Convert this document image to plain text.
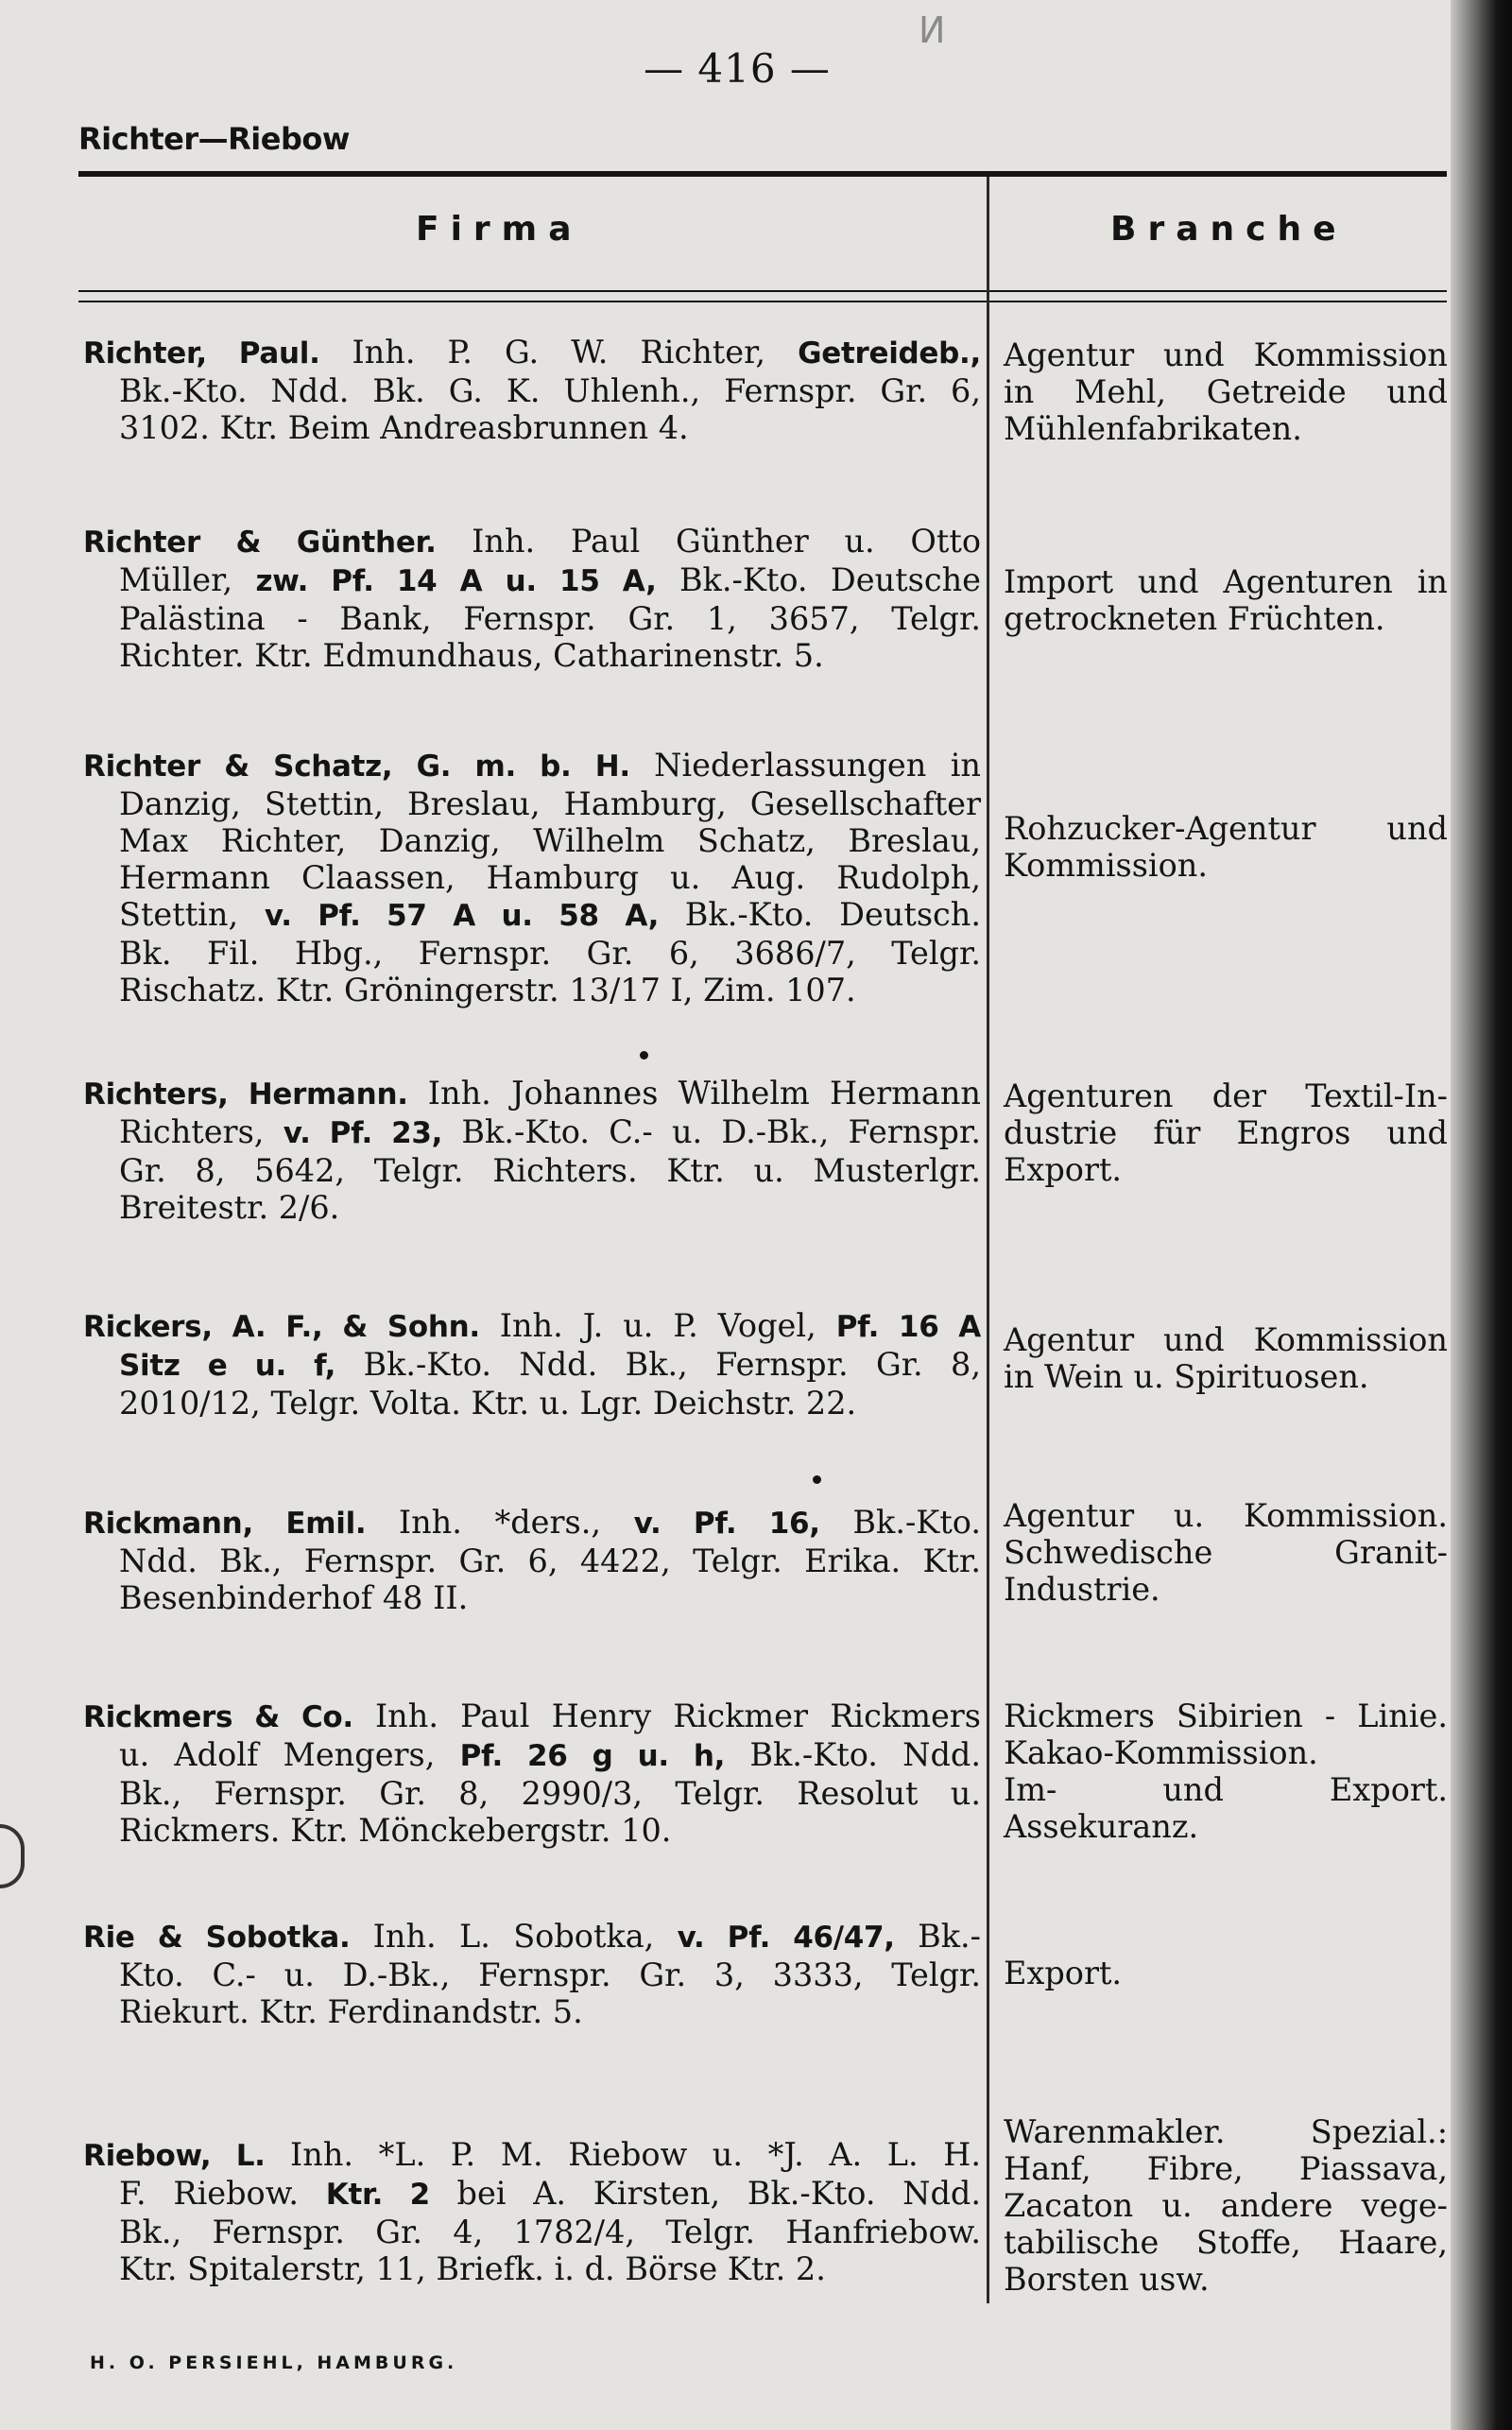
И
— 416 —
Richter—Riebow
Firma	Branche
Richter, Paul. Inh. P. G. W. Richter, Getreideb.,
Bk.-Kto. Ndd. Bk. G. K. Uhlenh., Fernspr. Gr. 6,
3102. Ktr. Beim Andreasbrunnen 4.
Agentur und Kommission
in Mehl, Getreide und
Mühlenfabrikaten.
Richter & Günther. Inh. Paul Günther u. Otto
Müller, zw. Pf. 14 A u. 15 A, Bk.-Kto. Deutsche
Palästina - Bank, Fernspr. Gr. 1, 3657, Telgr.
Richter. Ktr. Edmundhaus, Catharinenstr. 5.
Import und Agenturen in
getrockneten Früchten.
Richter & Schatz, G. m. b. H. Niederlassungen in
Danzig, Stettin, Breslau, Hamburg, Gesellschafter
Max Richter, Danzig, Wilhelm Schatz, Breslau,
Hermann Claassen, Hamburg u. Aug. Rudolph,
Stettin, v. Pf. 57 A u. 58 A, Bk.-Kto. Deutsch.
Bk. Fil. Hbg., Fernspr. Gr. 6, 3686/7, Telgr.
Rischatz. Ktr. Gröningerstr. 13/17 I, Zim. 107.
Rohzucker-Agentur und
Kommission.
Richters, Hermann. Inh. Johannes Wilhelm Hermann
Richters, v. Pf. 23, Bk.-Kto. C.- u. D.-Bk., Fernspr.
Gr. 8, 5642, Telgr. Richters. Ktr. u. Musterlgr.
Breitestr. 2/6.
Agenturen der Textil-In-
dustrie für Engros und
Export.
Rickers, A. F., & Sohn. Inh. J. u. P. Vogel, Pf. 16 A
Sitz e u. f, Bk.-Kto. Ndd. Bk., Fernspr. Gr. 8,
2010/12, Telgr. Volta. Ktr. u. Lgr. Deichstr. 22.
Agentur und Kommission
in Wein u. Spirituosen.
Rickmann, Emil. Inh. *ders., v. Pf. 16, Bk.-Kto.
Ndd. Bk., Fernspr. Gr. 6, 4422, Telgr. Erika. Ktr.
Besenbinderhof 48 II.
Agentur u. Kommission.
Schwedische Granit-
Industrie.
Rickmers & Co. Inh. Paul Henry Rickmer Rickmers
u. Adolf Mengers, Pf. 26 g u. h, Bk.-Kto. Ndd.
Bk., Fernspr. Gr. 8, 2990/3, Telgr. Resolut u.
Rickmers. Ktr. Mönckebergstr. 10.
Rickmers Sibirien - Linie.
Kakao-Kommission.
Im- und Export.
Assekuranz.
Rie & Sobotka. Inh. L. Sobotka, v. Pf. 46/47, Bk.-
Kto. C.- u. D.-Bk., Fernspr. Gr. 3, 3333, Telgr.
Riekurt. Ktr. Ferdinandstr. 5.
Export.
Riebow, L. Inh. *L. P. M. Riebow u. *J. A. L. H.
F. Riebow. Ktr. 2 bei A. Kirsten, Bk.-Kto. Ndd.
Bk., Fernspr. Gr. 4, 1782/4, Telgr. Hanfriebow.
Ktr. Spitalerstr, 11, Briefk. i. d. Börse Ktr. 2.
Warenmakler. Spezial.:
Hanf, Fibre, Piassava,
Zacaton u. andere vege-
tabilische Stoffe, Haare,
Borsten usw.
H. O. PERSIEHL, HAMBURG.
